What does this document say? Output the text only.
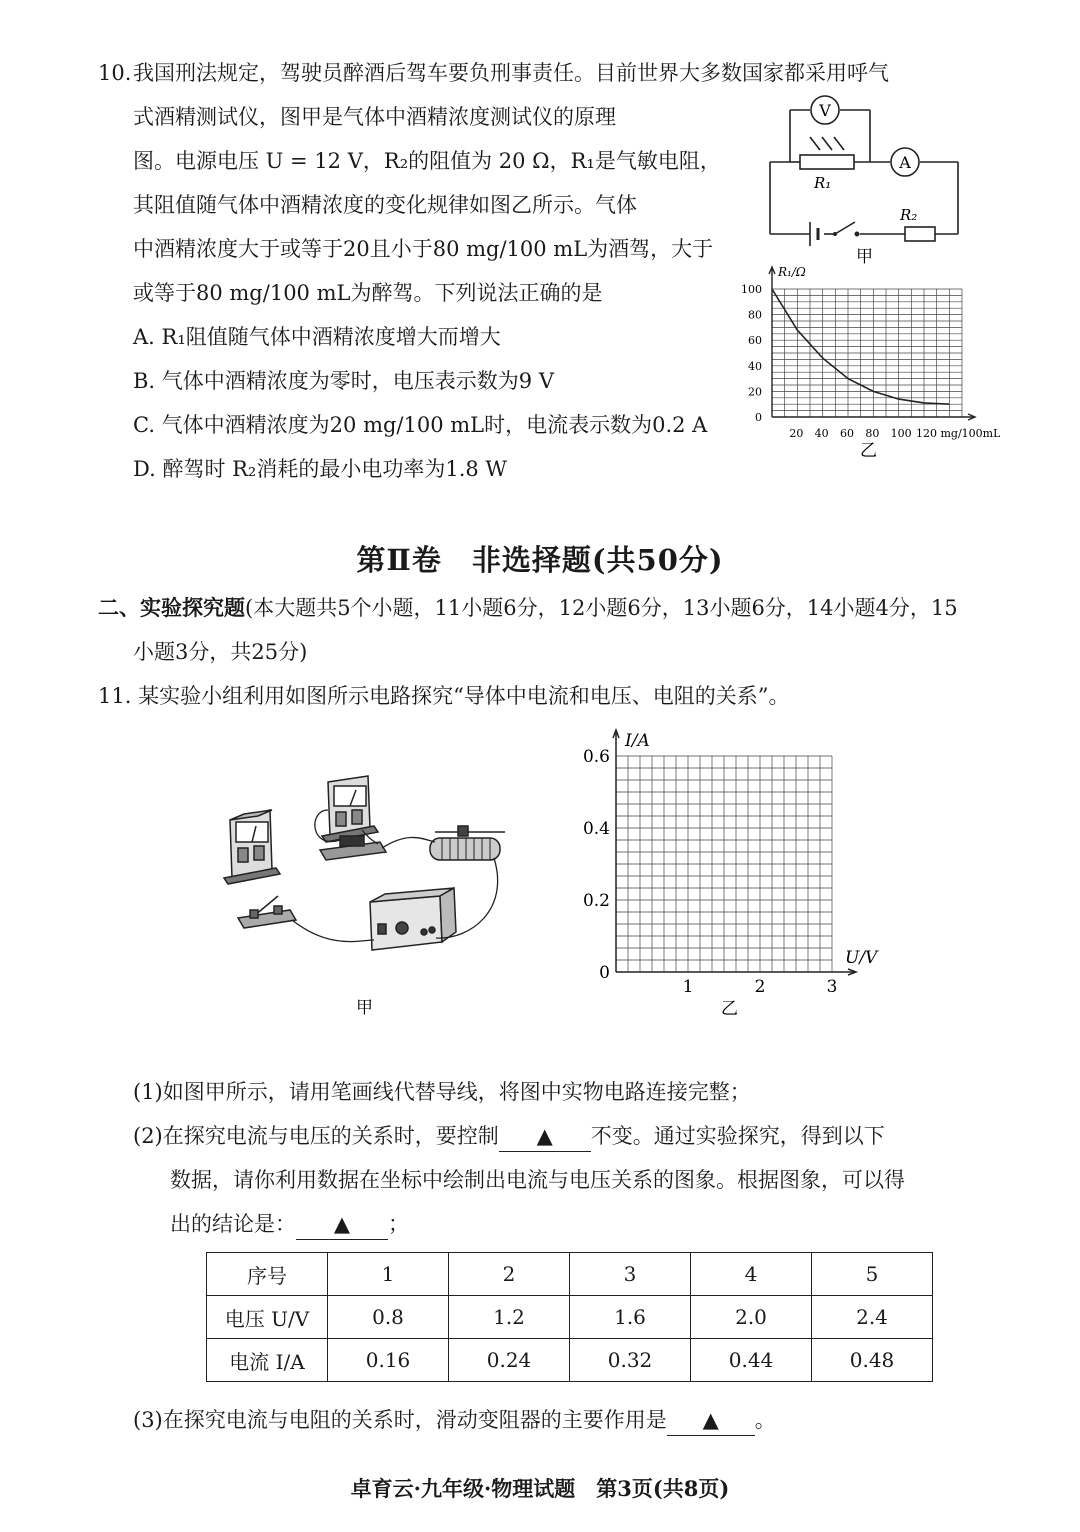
10. 我国刑法规定，驾驶员醉酒后驾车要负刑事责任。目前世界大多数国家都采用呼气
式酒精测试仪，图甲是气体中酒精浓度测试仪的原理
图。电源电压 U = 12 V，R₂的阻值为 20 Ω，R₁是气敏电阻，
其阻值随气体中酒精浓度的变化规律如图乙所示。气体
中酒精浓度大于或等于20且小于80 mg/100 mL为酒驾，大于
或等于80 mg/100 mL为醉驾。下列说法正确的是
A. R₁阻值随气体中酒精浓度增大而增大
B. 气体中酒精浓度为零时，电压表示数为9 V
C. 气体中酒精浓度为20 mg/100 mL时，电流表示数为0.2 A
D. 醉驾时 R₂消耗的最小电功率为1.8 W
V
A
R₁
R₂
甲
R₁/Ω
100
80
60
40
20
0
20 40 60 80 100 120 mg/100mL
乙
第Ⅱ卷　非选择题(共50分)
二、实验探究题(本大题共5个小题，11小题6分，12小题6分，13小题6分，14小题4分，15
小题3分，共25分)
11. 某实验小组利用如图所示电路探究“导体中电流和电压、电阻的关系”。
甲
I/A
U/V
0.6
0.4
0.2
0
1	2	3
乙
(1)如图甲所示，请用笔画线代替导线，将图中实物电路连接完整；
(2)在探究电流与电压的关系时，要控制 ▲ 不变。通过实验探究，得到以下
数据，请你利用数据在坐标中绘制出电流与电压关系的图象。根据图象，可以得
出的结论是： ▲ ；
序号	1	2	3	4	5
电压 U/V	0.8	1.2	1.6	2.0	2.4
电流 I/A	0.16	0.24	0.32	0.44	0.48
(3)在探究电流与电阻的关系时，滑动变阻器的主要作用是 ▲ 。
卓育云·九年级·物理试题　第3页(共8页)
